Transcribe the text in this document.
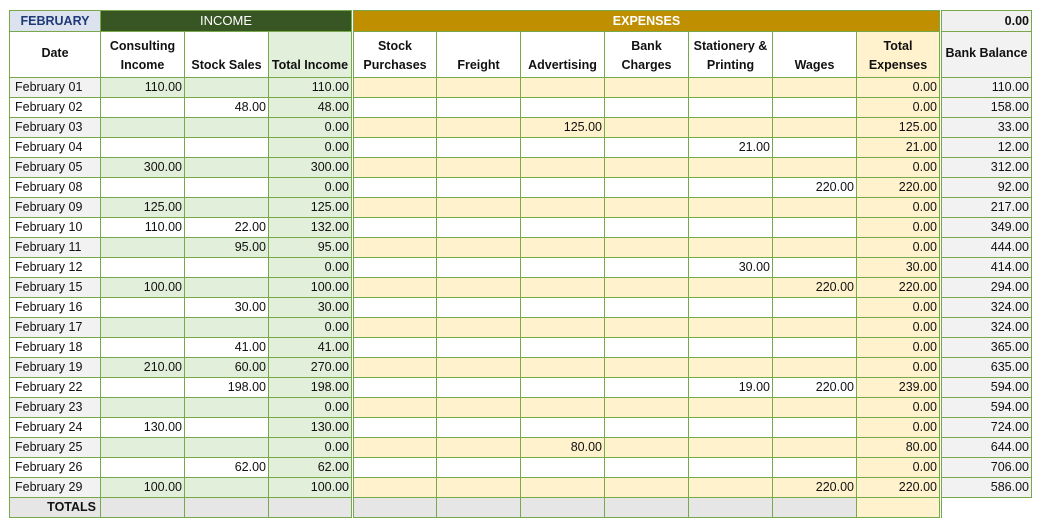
FEBRUARY	INCOME			EXPENSES							0.00
Date	Consulting Income	Stock Sales	Total Income	Stock Purchases	Freight	Advertising	Bank Charges	Stationery & Printing	Wages	Total Expenses	Bank Balance
February 01	110.00		110.00							0.00	110.00
February 02		48.00	48.00							0.00	158.00
February 03			0.00			125.00				125.00	33.00
February 04			0.00					21.00		21.00	12.00
February 05	300.00		300.00							0.00	312.00
February 08			0.00						220.00	220.00	92.00
February 09	125.00		125.00							0.00	217.00
February 10	110.00	22.00	132.00							0.00	349.00
February 11		95.00	95.00							0.00	444.00
February 12			0.00					30.00		30.00	414.00
February 15	100.00		100.00						220.00	220.00	294.00
February 16		30.00	30.00							0.00	324.00
February 17			0.00							0.00	324.00
February 18		41.00	41.00							0.00	365.00
February 19	210.00	60.00	270.00							0.00	635.00
February 22		198.00	198.00					19.00	220.00	239.00	594.00
February 23			0.00							0.00	594.00
February 24	130.00		130.00							0.00	724.00
February 25			0.00			80.00				80.00	644.00
February 26		62.00	62.00							0.00	706.00
February 29	100.00		100.00						220.00	220.00	586.00
TOTALS											
